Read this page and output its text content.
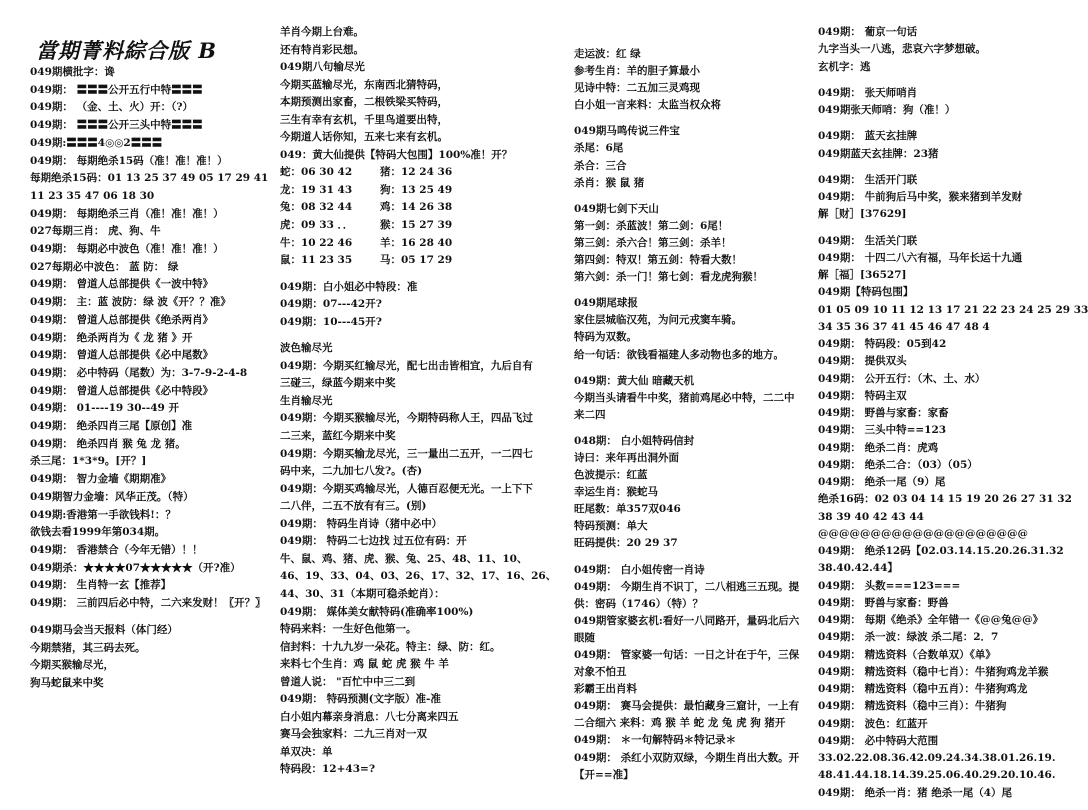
當期菁料綜合版 B
049期横批字：谗
049期： 〓〓〓公开五行中特〓〓〓
049期： （金、土、火）开：（?）
049期： 〓〓〓公开三头中特〓〓〓
049期:〓〓〓4◎◎2〓〓〓
049期： 每期绝杀15码（准！准！准！）
每期绝杀15码：01 13 25 37 49 05 17 29 41
11 23 35 47 06 18 30
049期： 每期绝杀三肖（准！准！准！）
027每期三肖： 虎、狗、牛
049期： 每期必中波色（准！准！准！）
027每期必中波色： 蓝 防： 绿
049期： 曾道人总部提供《一波中特》
049期： 主：蓝 波防：绿 波《开？？准》
049期： 曾道人总部提供《绝杀两肖》
049期： 绝杀两肖为《 龙 猪 》开
049期： 曾道人总部提供《必中尾数》
049期： 必中特码（尾数）为：3-7-9-2-4-8
049期： 曾道人总部提供《必中特段》
049期： 01----19 30--49 开
049期： 绝杀四肖三尾【原创】准
049期： 绝杀四肖 猴 兔 龙 猪。
杀三尾：1*3*9。[开？]
049期： 智力金墙《期期准》
049期智力金墙：风华正茂。（特）
049期:香港第一手欲钱料!：？
欲钱去看1999年第034期。
049期： 香港禁合（今年无错）！！
049期杀：★★★★07★★★★★（开?准）
049期： 生肖特一玄【推荐】
049期： 三前四后必中特，二六来发财！〖开？〗
049期马会当天报料（体门经）
今期禁猪，其三码去死。
今期买猴输尽光，
狗马蛇鼠来中奖
羊肖今期上台难。
还有特肖彩民想。
049期八句输尽光
今期买蓝输尽光，东南西北猜特码，
本期预测出家畜，二根铁梁买特码，
三生有幸有玄机，千里鸟道要出特，
今期道人话你知，五来七来有玄机。
049：黄大仙提供【特码大包围】100%准！开？
蛇：06 30 42	猪：12 24 36
龙：19 31 43	狗：13 25 49
兔：08 32 44	鸡：14 26 38
虎：09 33 ．．	猴：15 27 39
牛：10 22 46	羊：16 28 40
鼠：11 23 35	马：05 17 29
049期：白小姐必中特段：准
049期：07---42开?
049期：10---45开?
波色输尽光
049期：今期买红输尽光，配七出击皆相宜，九后自有
三碰三，绿蓝今期来中奖
生肖输尽光
049期：今期买猴输尽光，今期特码称人王，四品飞过
二三来，蓝红今期来中奖
049期：今期买输龙尽光，三一量出二五开，一二四七
码中来，二九加七八发?。(杏)
049期：今期买鸡输尽光，人德百忍便无光。一上下下
二八伴，二五不放有有三。(别)
049期： 特码生肖诗（猪中必中）
049期： 特码二七边找 过五位有码：开
牛、鼠、鸡、猪、虎、猴、兔、25、48、11、10、
46、19、33、04、03、26、17、32、17、16、26、
44、30、31（本期可稳杀蛇肖）：
049期： 媒体美女献特码(准确率100%)
特码来料：一生好色他第一。
信封料：十九九岁一朵花。特主：绿、防：红。
来料七个生肖：鸡 鼠 蛇 虎 猴 牛 羊
曾道人说： "百忙中中三二到
049期： 特码预测(文字版）准-准
白小姐内幕亲身消息：八七分离来四五
赛马会独家料：二九三肖对一双
单双决：单
特码段：12+43=?
走运波：红 绿
参考生肖：羊的胆子算最小
见诗中特：二五加三灵鸡现
白小姐一言来料：太监当权众将
049期马鸣传说三件宝
杀尾：6尾
杀合：三合
杀肖：猴 鼠 猪
049期七剑下天山
第一剑：杀蓝波！第二剑：6尾！
第三剑：杀六合！第三剑：杀羊！
第四剑：特双！第五剑：特看大数！
第六剑：杀一门！第七剑：看龙虎狗猴！
049期尾球报
家住层城临汉苑，为问元戎窦车骑。
特码为双数。
给一句话：欲钱看福建人多动物也多的地方。
049期：黄大仙 暗藏天机
今期当头请看牛中奖，猪前鸡尾必中特，二二中
来二四
048期： 白小姐特码信封
诗曰：来年再出洞外面
色波提示：红蓝
幸运生肖：猴蛇马
旺尾数：单357双046
特码预测：单大
旺码提供：20 29 37
049期： 白小姐传密一肖诗
049期： 今期生肖不识丁，二八相逃三五现。提
供：密码（1746）（特）？
049期管家婆玄机:看好一八同路开，量码北后六
眼随
049期： 管家婆一句话：一日之计在于午，三保
对象不怕丑
彩霸王出肖料
049期： 赛马会提供：最怕藏身三窟计，一上有
二合细六 来料：鸡 猴 羊 蛇 龙 兔 虎 狗 猪开
049期： ＊一句解特码＊特记录＊
049期： 杀红小双防双绿，今期生肖出大数。开
【开==准】
049期： 葡京一句话
九字当头一八逃，悲哀六字梦想破。
玄机字：逃
049期： 张天师哨肖
049期张天师哨：狗（准！）
049期： 蓝天玄挂牌
049期蓝天玄挂牌：23猪
049期： 生活开门联
049期： 牛前狗后马中奖，猴来猪到羊发财
解［财］[37629]
049期： 生活关门联
049期： 十四二八六有福，马年长运十九通
解［福］[36527]
049期【特码包围】
01 05 09 10 11 12 13 17 21 22 23 24 25 29 33
34 35 36 37 41 45 46 47 48 4
049期： 特码段：05到42
049期： 提供双头
049期： 公开五行：（木、土、水）
049期： 特码主双
049期： 野兽与家畜：家畜
049期： 三头中特==123
049期： 绝杀二肖：虎鸡
049期： 绝杀二合：（03）（05）
049期： 绝杀一尾（9）尾
绝杀16码：02 03 04 14 15 19 20 26 27 31 32
38 39 40 42 43 44
@@@@@@@@@@@@@@@@@@@@
049期： 绝杀12码【02.03.14.15.20.26.31.32
38.40.42.44】
049期： 头数===123===
049期： 野兽与家畜：野兽
049期： 每期《绝杀》全年错一《@@兔@@》
049期： 杀一波：绿波 杀二尾：2．7
049期： 精选资料（合数单双）《单》
049期： 精选资料（稳中七肖）：牛猪狗鸡龙羊猴
049期： 精选资料（稳中五肖）：牛猪狗鸡龙
049期： 精选资料（稳中三肖）：牛猪狗
049期： 波色：红蓝开
049期： 必中特码大范围
33.02.22.08.36.42.09.24.34.38.01.26.19.
48.41.44.18.14.39.25.06.40.29.20.10.46.
049期： 绝杀一肖：猪 绝杀一尾（4）尾
